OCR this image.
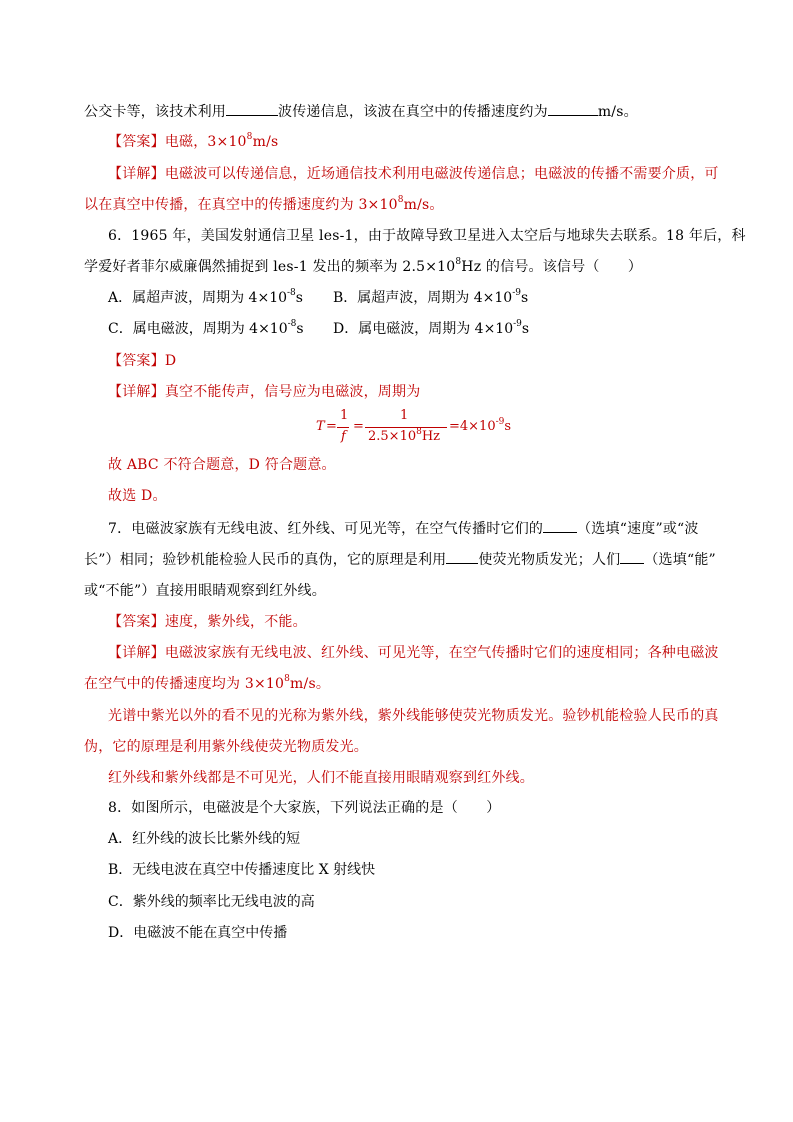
公交卡等，该技术利用	波传递信息，该波在真空中的传播速度约为	m/s。
【答案】电磁，$3\times 10^8m/s$
【详解】电磁波可以传递信息，近场通信技术利用电磁波传递信息；电磁波的传播不需要介质，可
以在真空中传播，在真空中的传播速度约为 $3\times 10^8m/s$。
6．1965 年，美国发射通信卫星 les-1，由于故障导致卫星进入太空后与地球失去联系。18 年后，科
学爱好者菲尔威廉偶然捕捉到 les-1 发出的频率为 $2.5\times 10^8Hz$ 的信号。该信号（　　）
A．属超声波，周期为 $4\times 10^{-8}s$ B．属超声波，周期为 $4\times 10^{-9}s$
C．属电磁波，周期为 $4\times 10^{-8}s$ D．属电磁波，周期为 $4\times 10^{-9}s$
【答案】D
【详解】真空不能传声，信号应为电磁波，周期为
T =
1
f
=
1
$2.5\times 10^8Hz$
$=4\times 10^{-9}s$
故 ABC 不符合题意，D 符合题意。
故选 D。
7．电磁波家族有无线电波、红外线、可见光等，在空气传播时它们的 （选填“速度”或“波
长”）相同；验钞机能检验人民币的真伪，它的原理是利用 使荧光物质发光；人们 （选填“能”
或“不能”）直接用眼睛观察到红外线。
【答案】速度，紫外线，不能。
【详解】电磁波家族有无线电波、红外线、可见光等，在空气传播时它们的速度相同；各种电磁波
在空气中的传播速度均为 $3\times 10^8m/s$。
光谱中紫光以外的看不见的光称为紫外线，紫外线能够使荧光物质发光。验钞机能检验人民币的真
伪，它的原理是利用紫外线使荧光物质发光。
红外线和紫外线都是不可见光，人们不能直接用眼睛观察到红外线。
8．如图所示，电磁波是个大家族，下列说法正确的是（　　）
A．红外线的波长比紫外线的短
B．无线电波在真空中传播速度比 X 射线快
C．紫外线的频率比无线电波的高
D．电磁波不能在真空中传播
